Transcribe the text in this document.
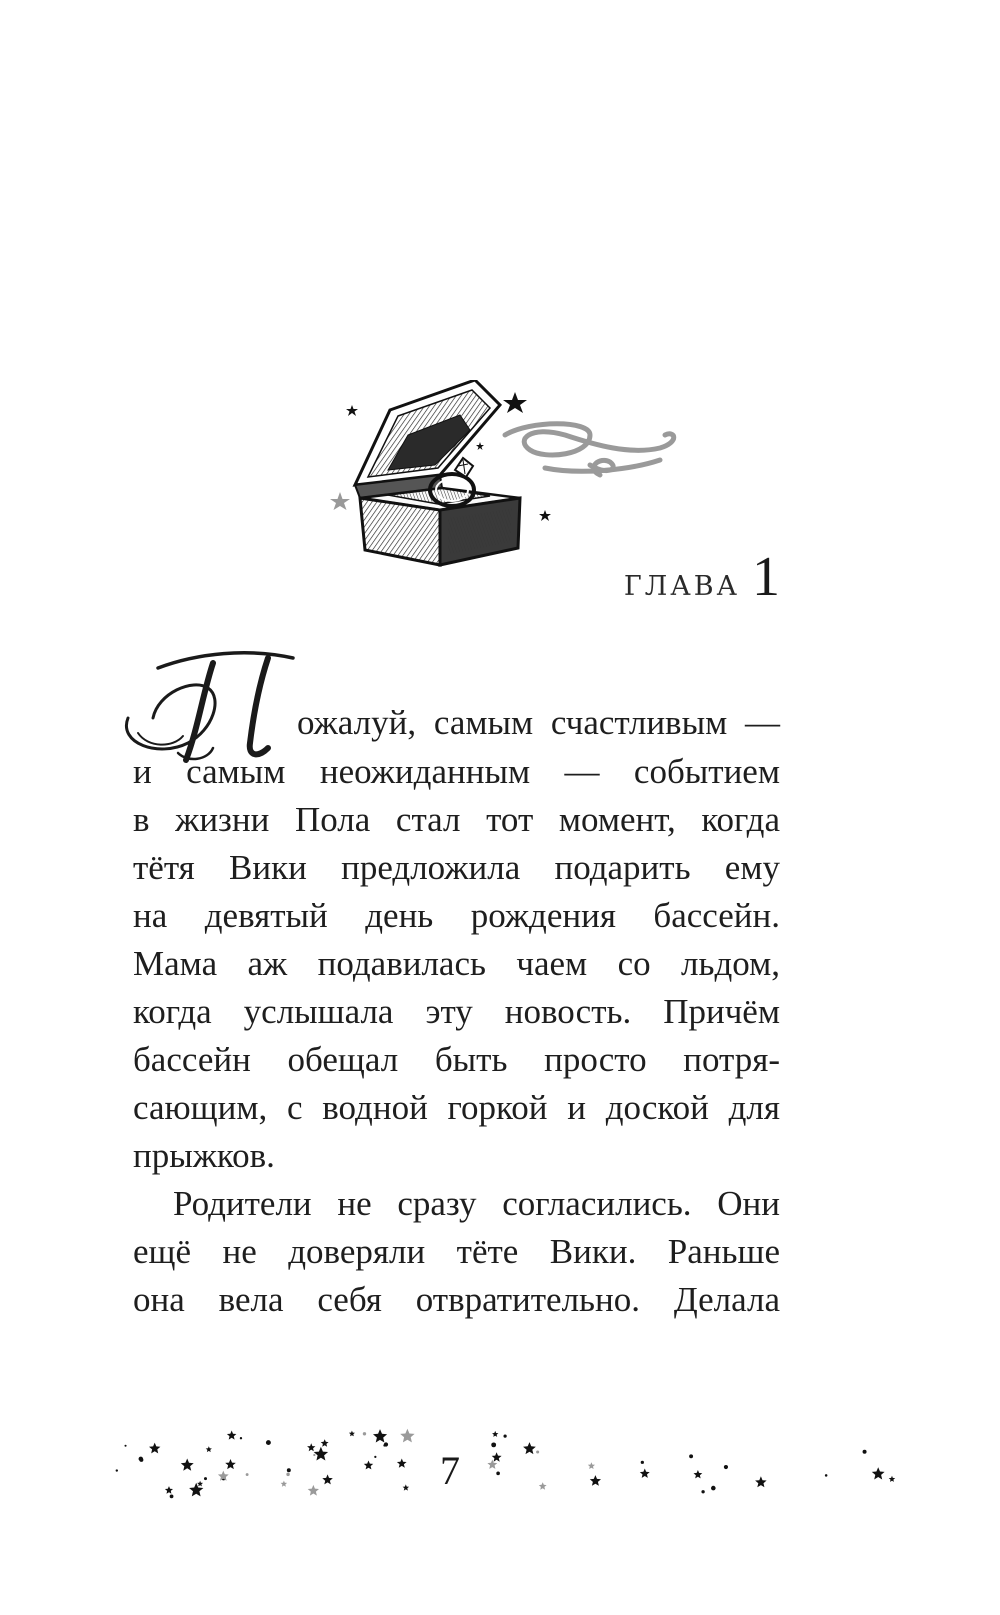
ГЛАВА 1
П
ожалуй, самым счастливым —
и самым неожиданным — событием
в жизни Пола стал тот момент, когда
тётя Вики предложила подарить ему
на девятый день рождения бассейн.
Мама аж подавилась чаем со льдом,
когда услышала эту новость. Причём
бассейн обещал быть просто потря-
сающим, с водной горкой и доской для
прыжков.
Родители не сразу согласились. Они
ещё не доверяли тёте Вики. Раньше
она вела себя отвратительно. Делала
7
